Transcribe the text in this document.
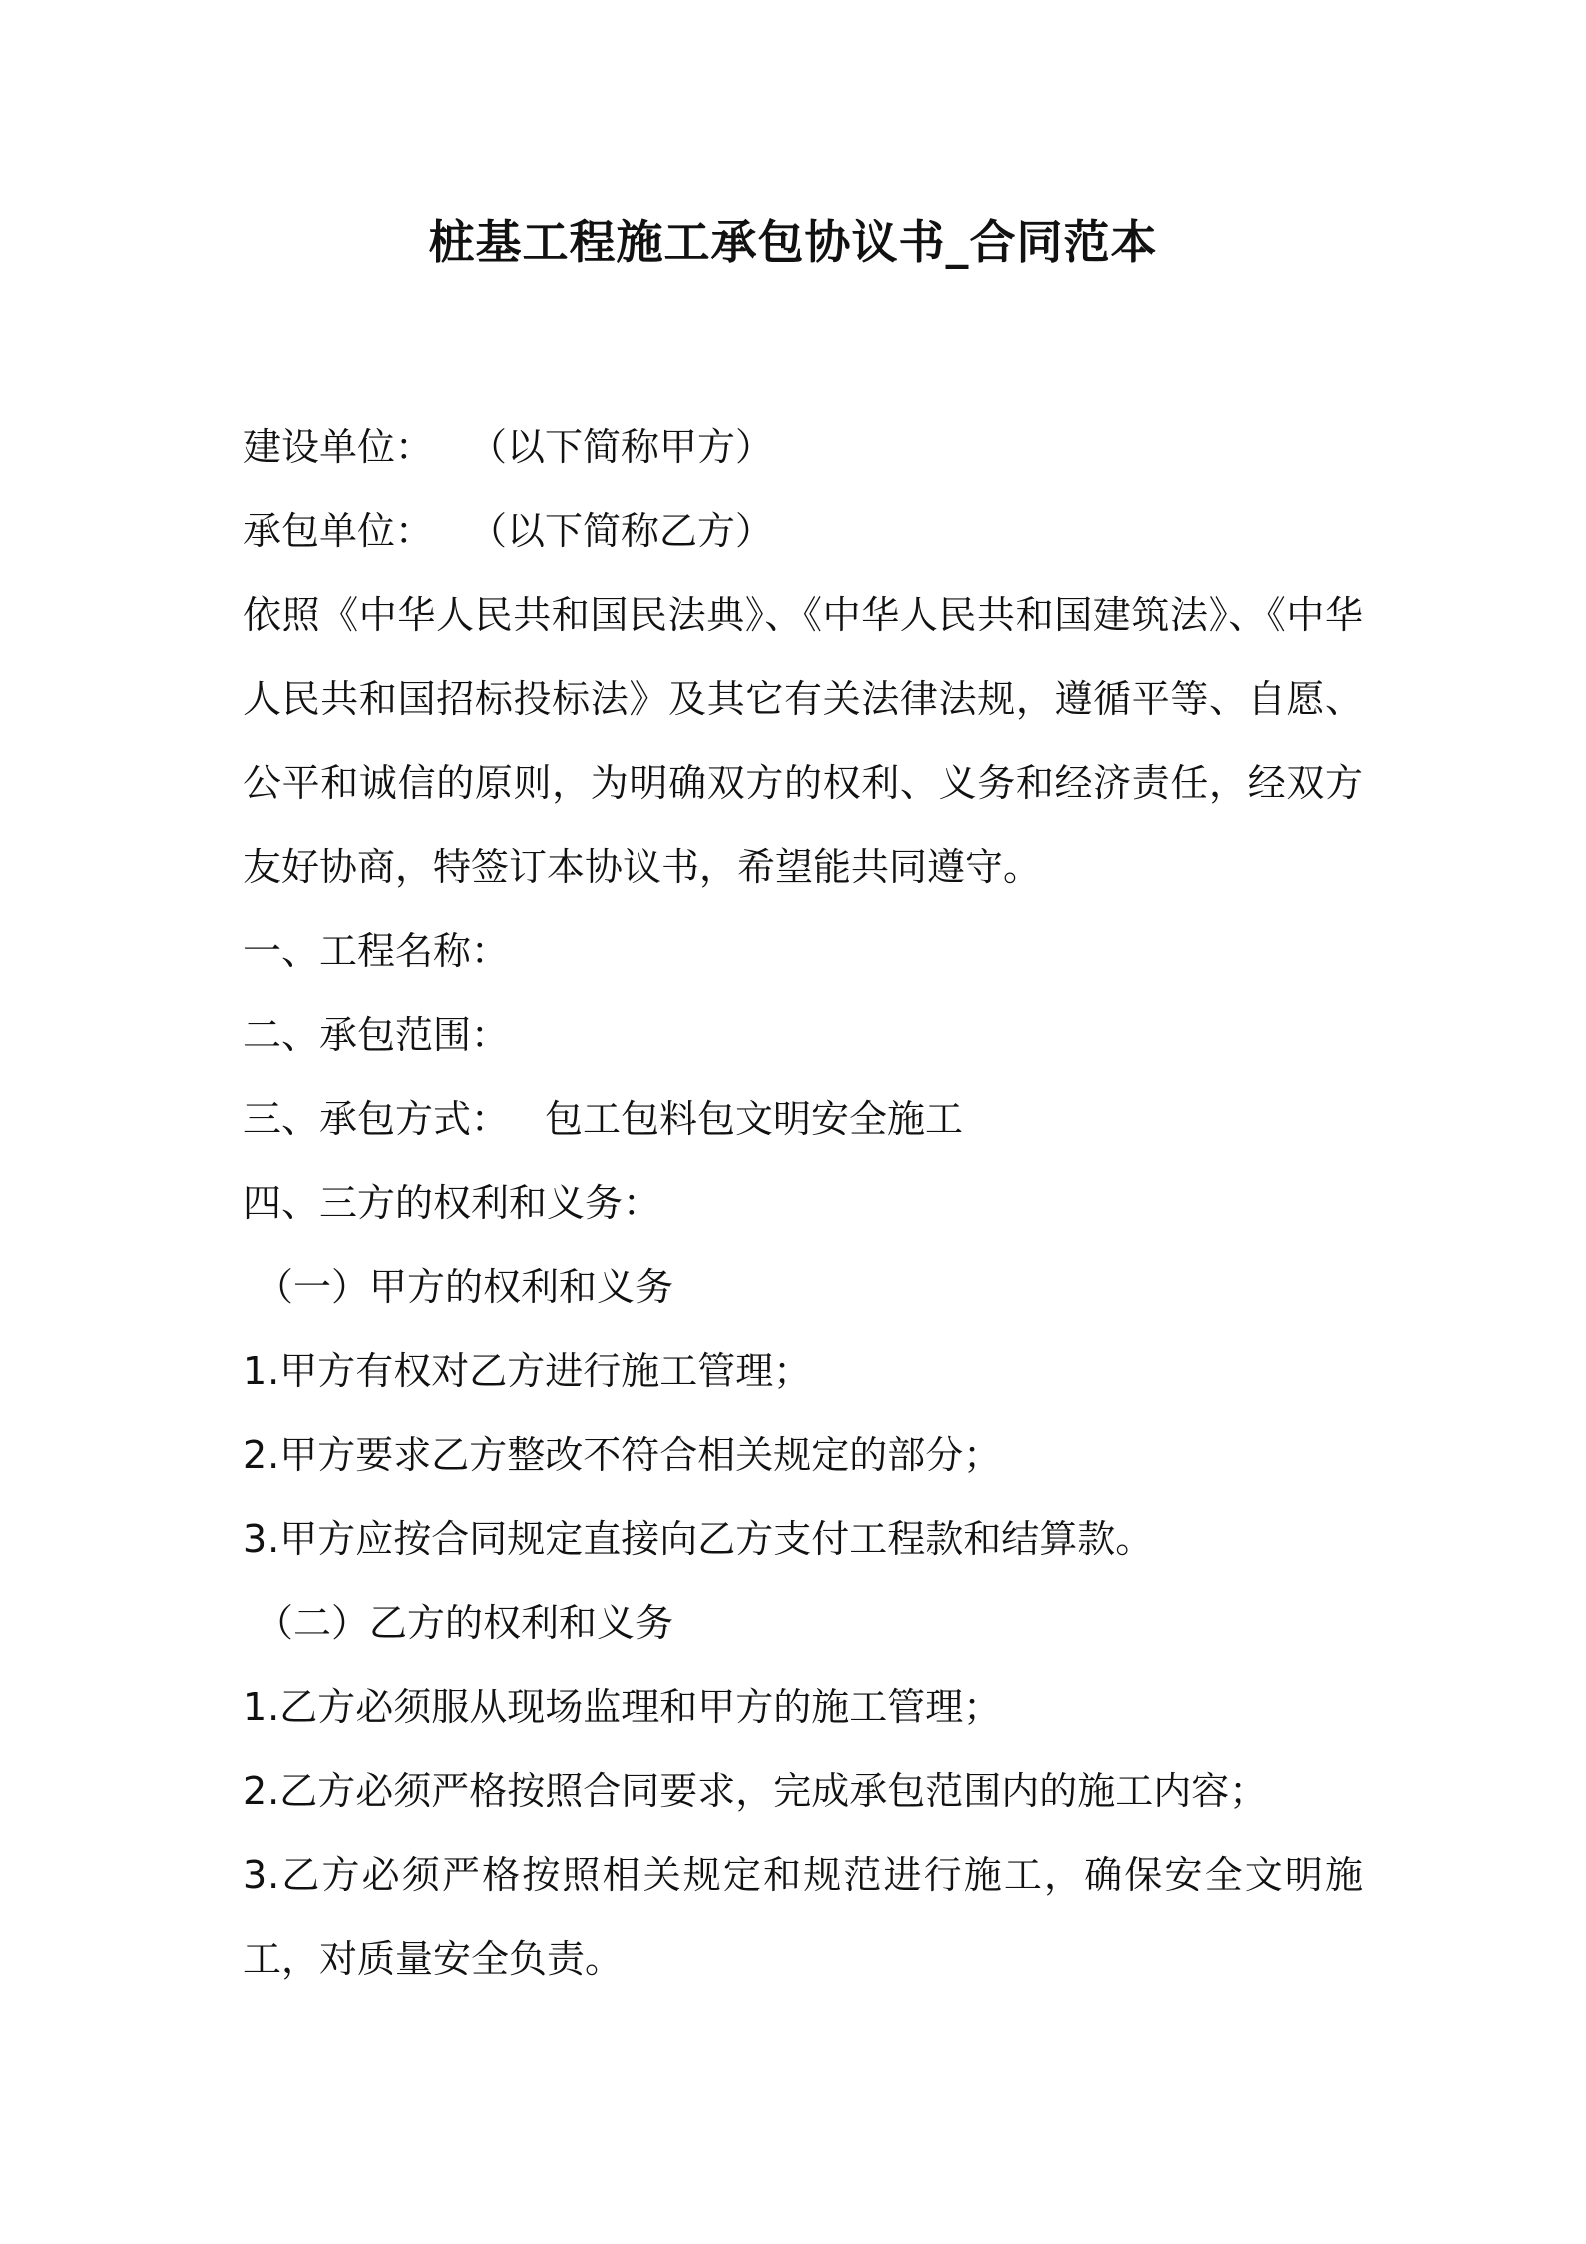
桩基工程施工承包协议书_合同范本

建设单位： （以下简称甲方）

承包单位： （以下简称乙方）

依照《中华人民共和国民法典》、《中华人民共和国建筑法》、《中华人民共和国招标投标法》及其它有关法律法规，遵循平等、自愿、公平和诚信的原则，为明确双方的权利、义务和经济责任，经双方友好协商，特签订本协议书，希望能共同遵守。

一、工程名称：

二、承包范围：

三、承包方式： 包工包料包文明安全施工

四、三方的权利和义务：

（一）甲方的权利和义务

1.甲方有权对乙方进行施工管理；

2.甲方要求乙方整改不符合相关规定的部分；

3.甲方应按合同规定直接向乙方支付工程款和结算款。

（二）乙方的权利和义务

1.乙方必须服从现场监理和甲方的施工管理；

2.乙方必须严格按照合同要求，完成承包范围内的施工内容；

3.乙方必须严格按照相关规定和规范进行施工，确保安全文明施工，对质量安全负责。
